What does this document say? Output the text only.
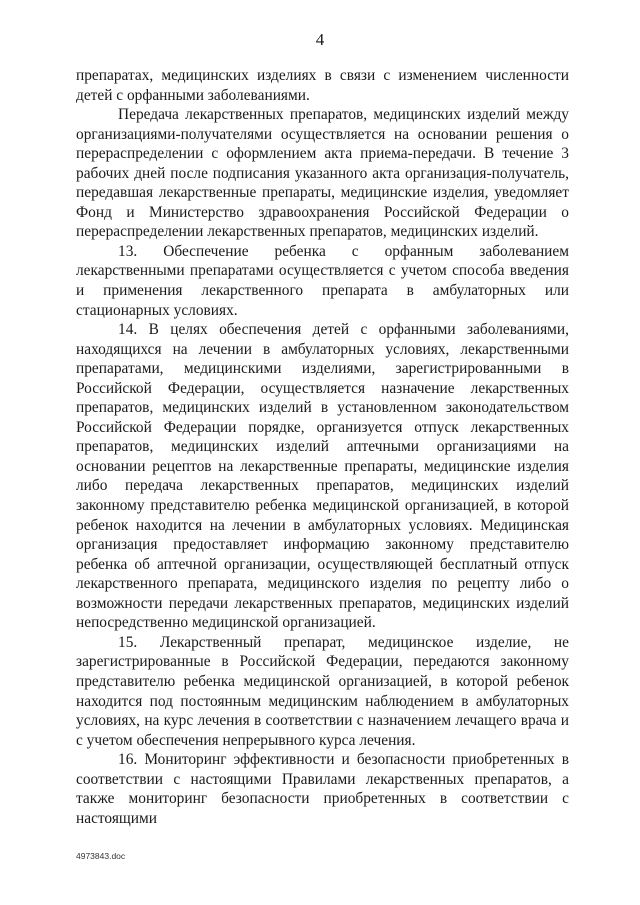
4

препаратах, медицинских изделиях в связи с изменением численности детей с орфанными заболеваниями.

Передача лекарственных препаратов, медицинских изделий между организациями-получателями осуществляется на основании решения о перераспределении с оформлением акта приема-передачи. В течение 3 рабочих дней после подписания указанного акта организация-получатель, передавшая лекарственные препараты, медицинские изделия, уведомляет Фонд и Министерство здравоохранения Российской Федерации о перераспределении лекарственных препаратов, медицинских изделий.

13. Обеспечение ребенка с орфанным заболеванием лекарственными препаратами осуществляется с учетом способа введения и применения лекарственного препарата в амбулаторных или стационарных условиях.

14. В целях обеспечения детей с орфанными заболеваниями, находящихся на лечении в амбулаторных условиях, лекарственными препаратами, медицинскими изделиями, зарегистрированными в Российской Федерации, осуществляется назначение лекарственных препаратов, медицинских изделий в установленном законодательством Российской Федерации порядке, организуется отпуск лекарственных препаратов, медицинских изделий аптечными организациями на основании рецептов на лекарственные препараты, медицинские изделия либо передача лекарственных препаратов, медицинских изделий законному представителю ребенка медицинской организацией, в которой ребенок находится на лечении в амбулаторных условиях. Медицинская организация предоставляет информацию законному представителю ребенка об аптечной организации, осуществляющей бесплатный отпуск лекарственного препарата, медицинского изделия по рецепту либо о возможности передачи лекарственных препаратов, медицинских изделий непосредственно медицинской организацией.

15. Лекарственный препарат, медицинское изделие, не зарегистрированные в Российской Федерации, передаются законному представителю ребенка медицинской организацией, в которой ребенок находится под постоянным медицинским наблюдением в амбулаторных условиях, на курс лечения в соответствии с назначением лечащего врача и с учетом обеспечения непрерывного курса лечения.

16. Мониторинг эффективности и безопасности приобретенных в соответствии с настоящими Правилами лекарственных препаратов, а также мониторинг безопасности приобретенных в соответствии с настоящими

4973843.doc
